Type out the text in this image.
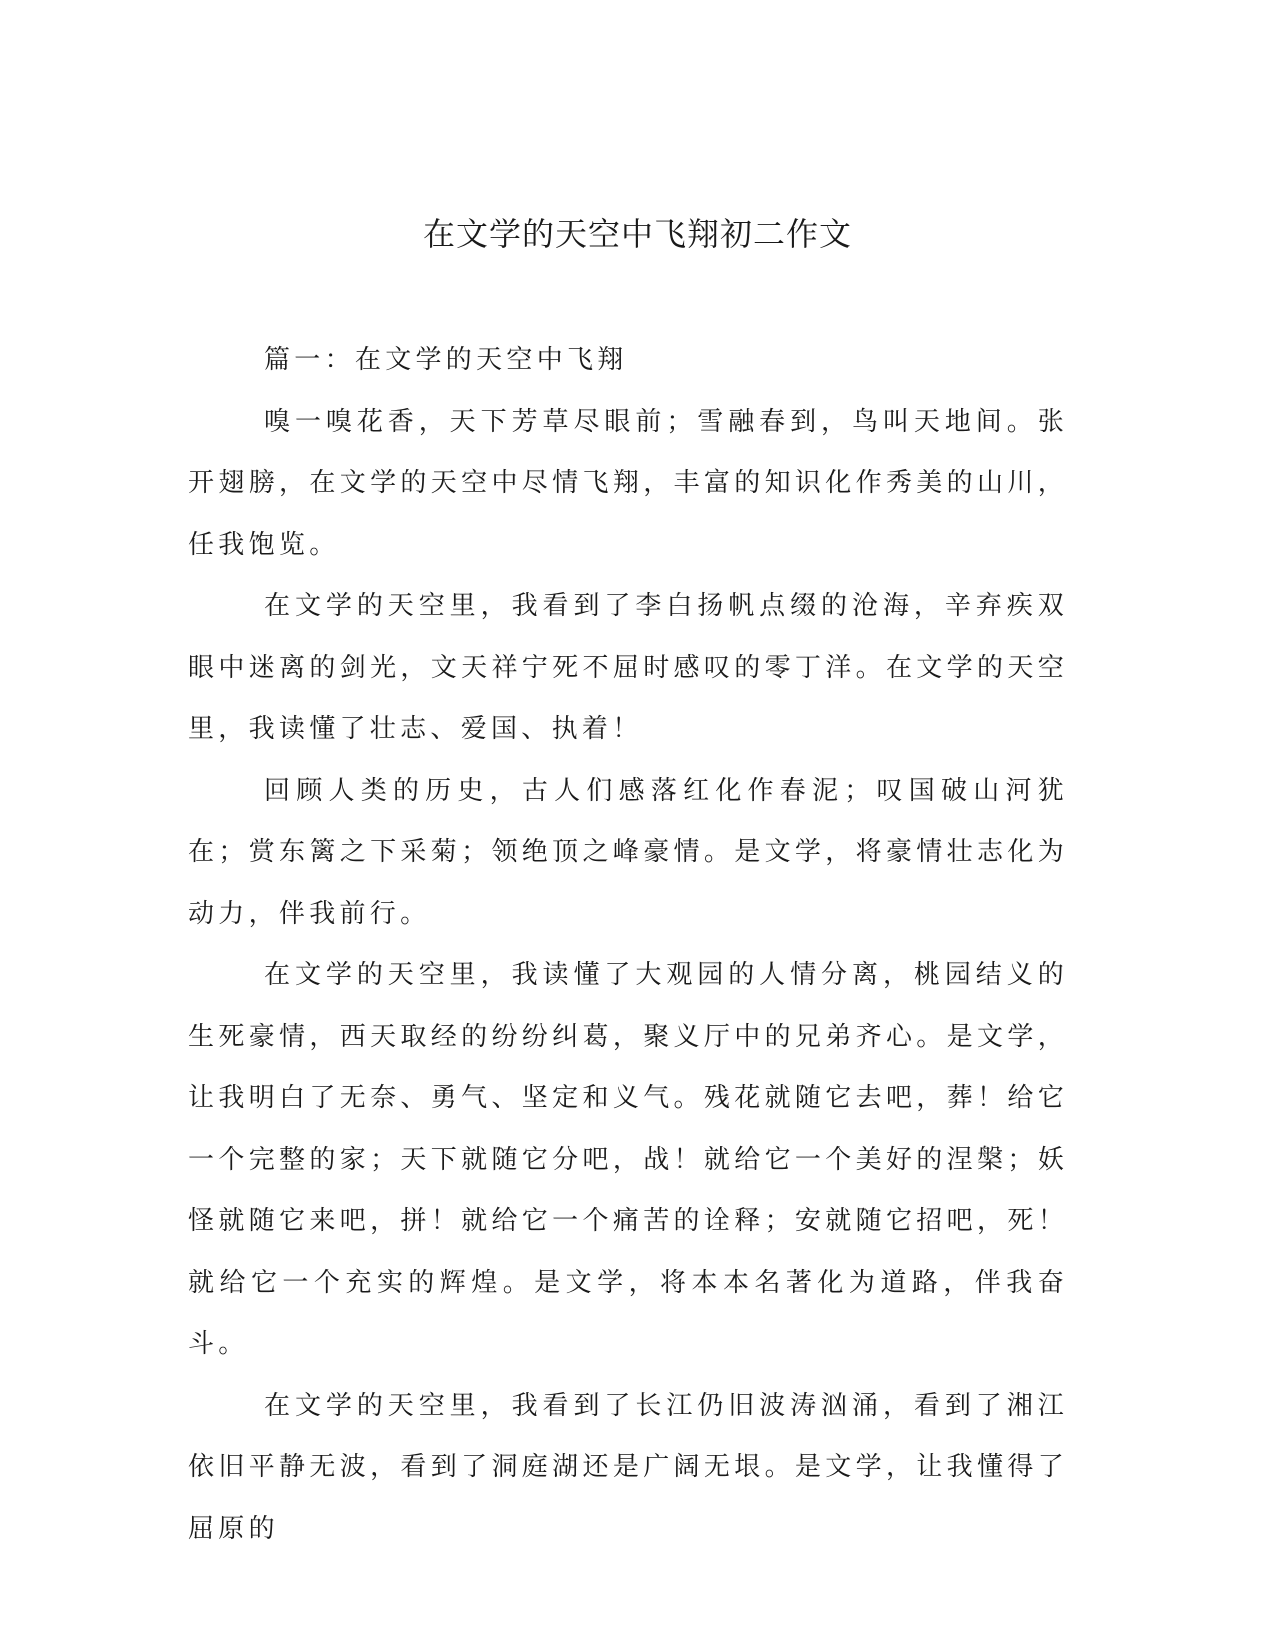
在文学的天空中飞翔初二作文

篇一：在文学的天空中飞翔

嗅一嗅花香，天下芳草尽眼前；雪融春到，鸟叫天地间。张开翅膀，在文学的天空中尽情飞翔，丰富的知识化作秀美的山川，任我饱览。

在文学的天空里，我看到了李白扬帆点缀的沧海，辛弃疾双眼中迷离的剑光，文天祥宁死不屈时感叹的零丁洋。在文学的天空里，我读懂了壮志、爱国、执着！

回顾人类的历史，古人们感落红化作春泥；叹国破山河犹在；赏东篱之下采菊；领绝顶之峰豪情。是文学，将豪情壮志化为动力，伴我前行。

在文学的天空里，我读懂了大观园的人情分离，桃园结义的生死豪情，西天取经的纷纷纠葛，聚义厅中的兄弟齐心。是文学，让我明白了无奈、勇气、坚定和义气。残花就随它去吧，葬！给它一个完整的家；天下就随它分吧，战！就给它一个美好的涅槃；妖怪就随它来吧，拼！就给它一个痛苦的诠释；安就随它招吧，死！就给它一个充实的辉煌。是文学，将本本名著化为道路，伴我奋斗。

在文学的天空里，我看到了长江仍旧波涛汹涌，看到了湘江依旧平静无波，看到了洞庭湖还是广阔无垠。是文学，让我懂得了屈原的
